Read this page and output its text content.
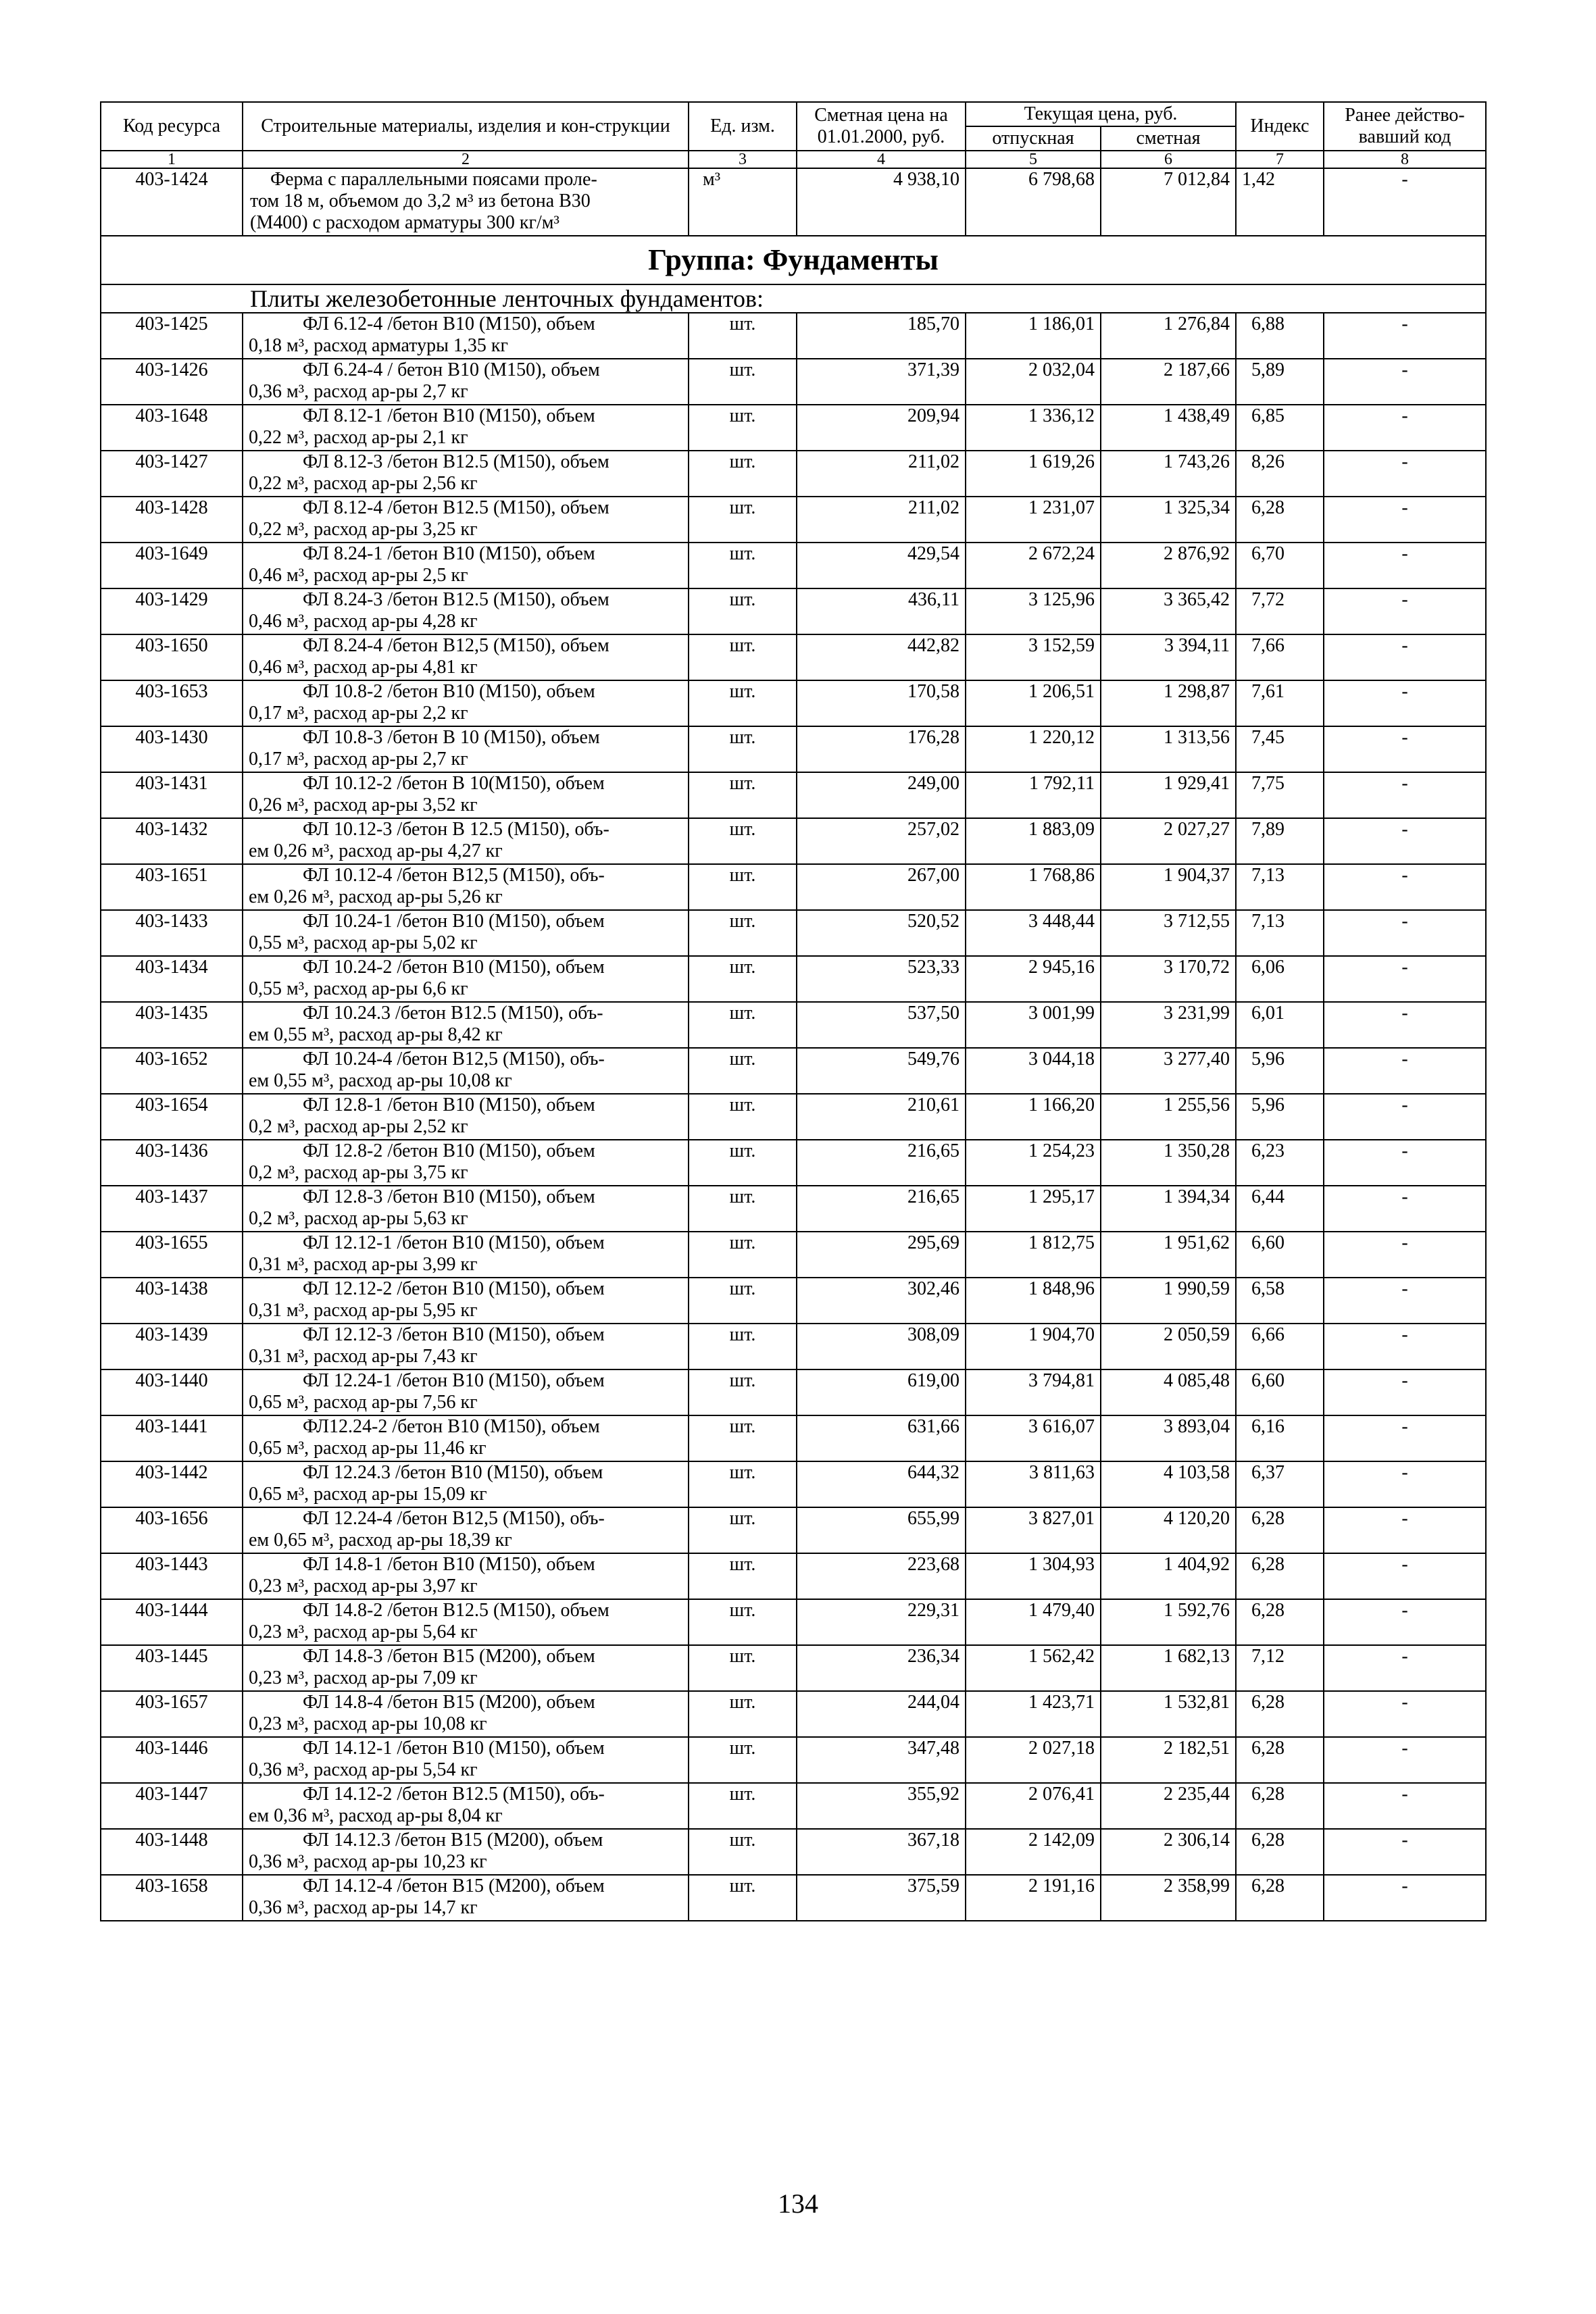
Код ресурса	Строительные материалы, изделия и кон-струкции	Ед. изм.	Сметная цена на 01.01.2000, руб.	Текущая цена, руб.		Индекс	Ранее действо-вавший код
				отпускная	сметная		
1	2	3	4	5	6	7	8
403-1424	Ферма с параллельными поясами проле-
том 18 м, объемом до 3,2 м³ из бетона В30
(М400) с расходом арматуры 300 кг/м³	м³	4 938,10	6 798,68	7 012,84	1,42	-
Группа: Фундаменты							
Плиты железобетонные ленточных фундаментов:							
403-1425	ФЛ 6.12-4 /бетон В10 (М150), объем
0,18 м³, расход арматуры 1,35 кг	шт.	185,70	1 186,01	1 276,84	6,88	-
403-1426	ФЛ 6.24-4 / бетон В10 (М150), объем
0,36 м³, расход ар-ры 2,7 кг	шт.	371,39	2 032,04	2 187,66	5,89	-
403-1648	ФЛ 8.12-1 /бетон В10 (М150), объем
0,22 м³, расход ар-ры 2,1 кг	шт.	209,94	1 336,12	1 438,49	6,85	-
403-1427	ФЛ 8.12-3 /бетон В12.5 (М150), объем
0,22 м³, расход ар-ры 2,56 кг	шт.	211,02	1 619,26	1 743,26	8,26	-
403-1428	ФЛ 8.12-4 /бетон В12.5 (М150), объем
0,22 м³, расход ар-ры 3,25 кг	шт.	211,02	1 231,07	1 325,34	6,28	-
403-1649	ФЛ 8.24-1 /бетон В10 (М150), объем
0,46 м³, расход ар-ры 2,5 кг	шт.	429,54	2 672,24	2 876,92	6,70	-
403-1429	ФЛ 8.24-3 /бетон В12.5 (М150), объем
0,46 м³, расход ар-ры 4,28 кг	шт.	436,11	3 125,96	3 365,42	7,72	-
403-1650	ФЛ 8.24-4 /бетон В12,5 (М150), объем
0,46 м³, расход ар-ры 4,81 кг	шт.	442,82	3 152,59	3 394,11	7,66	-
403-1653	ФЛ 10.8-2 /бетон В10 (М150), объем
0,17 м³, расход ар-ры 2,2 кг	шт.	170,58	1 206,51	1 298,87	7,61	-
403-1430	ФЛ 10.8-3 /бетон В 10 (М150), объем
0,17 м³, расход ар-ры 2,7 кг	шт.	176,28	1 220,12	1 313,56	7,45	-
403-1431	ФЛ 10.12-2 /бетон В 10(М150), объем
0,26 м³, расход ар-ры 3,52 кг	шт.	249,00	1 792,11	1 929,41	7,75	-
403-1432	ФЛ 10.12-3 /бетон В 12.5 (М150), объ-
ем 0,26 м³, расход ар-ры 4,27 кг	шт.	257,02	1 883,09	2 027,27	7,89	-
403-1651	ФЛ 10.12-4 /бетон В12,5 (М150), объ-
ем 0,26 м³, расход ар-ры 5,26 кг	шт.	267,00	1 768,86	1 904,37	7,13	-
403-1433	ФЛ 10.24-1 /бетон В10 (М150), объем
0,55 м³, расход ар-ры 5,02 кг	шт.	520,52	3 448,44	3 712,55	7,13	-
403-1434	ФЛ 10.24-2 /бетон В10 (М150), объем
0,55 м³, расход ар-ры 6,6 кг	шт.	523,33	2 945,16	3 170,72	6,06	-
403-1435	ФЛ 10.24.3 /бетон В12.5 (М150), объ-
ем 0,55 м³, расход ар-ры 8,42 кг	шт.	537,50	3 001,99	3 231,99	6,01	-
403-1652	ФЛ 10.24-4 /бетон В12,5 (М150), объ-
ем 0,55 м³, расход ар-ры 10,08 кг	шт.	549,76	3 044,18	3 277,40	5,96	-
403-1654	ФЛ 12.8-1 /бетон В10 (М150), объем
0,2 м³, расход ар-ры 2,52 кг	шт.	210,61	1 166,20	1 255,56	5,96	-
403-1436	ФЛ 12.8-2 /бетон В10 (М150), объем
0,2 м³, расход ар-ры 3,75 кг	шт.	216,65	1 254,23	1 350,28	6,23	-
403-1437	ФЛ 12.8-3 /бетон В10 (М150), объем
0,2 м³, расход ар-ры 5,63 кг	шт.	216,65	1 295,17	1 394,34	6,44	-
403-1655	ФЛ 12.12-1 /бетон В10 (М150), объем
0,31 м³, расход ар-ры 3,99 кг	шт.	295,69	1 812,75	1 951,62	6,60	-
403-1438	ФЛ 12.12-2 /бетон В10 (М150), объем
0,31 м³, расход ар-ры 5,95 кг	шт.	302,46	1 848,96	1 990,59	6,58	-
403-1439	ФЛ 12.12-3 /бетон В10 (М150), объем
0,31 м³, расход ар-ры 7,43 кг	шт.	308,09	1 904,70	2 050,59	6,66	-
403-1440	ФЛ 12.24-1 /бетон В10 (М150), объем
0,65 м³, расход ар-ры 7,56 кг	шт.	619,00	3 794,81	4 085,48	6,60	-
403-1441	ФЛ12.24-2 /бетон В10 (М150), объем
0,65 м³, расход ар-ры 11,46 кг	шт.	631,66	3 616,07	3 893,04	6,16	-
403-1442	ФЛ 12.24.3 /бетон В10 (М150), объем
0,65 м³, расход ар-ры 15,09 кг	шт.	644,32	3 811,63	4 103,58	6,37	-
403-1656	ФЛ 12.24-4 /бетон В12,5 (М150), объ-
ем 0,65 м³, расход ар-ры 18,39 кг	шт.	655,99	3 827,01	4 120,20	6,28	-
403-1443	ФЛ 14.8-1 /бетон В10 (М150), объем
0,23 м³, расход ар-ры 3,97 кг	шт.	223,68	1 304,93	1 404,92	6,28	-
403-1444	ФЛ 14.8-2 /бетон В12.5 (М150), объем
0,23 м³, расход ар-ры 5,64 кг	шт.	229,31	1 479,40	1 592,76	6,28	-
403-1445	ФЛ 14.8-3 /бетон В15 (М200), объем
0,23 м³, расход ар-ры 7,09 кг	шт.	236,34	1 562,42	1 682,13	7,12	-
403-1657	ФЛ 14.8-4 /бетон В15 (М200), объем
0,23 м³, расход ар-ры 10,08 кг	шт.	244,04	1 423,71	1 532,81	6,28	-
403-1446	ФЛ 14.12-1 /бетон В10 (М150), объем
0,36 м³, расход ар-ры 5,54 кг	шт.	347,48	2 027,18	2 182,51	6,28	-
403-1447	ФЛ 14.12-2 /бетон В12.5 (М150), объ-
ем 0,36 м³, расход ар-ры 8,04 кг	шт.	355,92	2 076,41	2 235,44	6,28	-
403-1448	ФЛ 14.12.3 /бетон В15 (М200), объем
0,36 м³, расход ар-ры 10,23 кг	шт.	367,18	2 142,09	2 306,14	6,28	-
403-1658	ФЛ 14.12-4 /бетон В15 (М200), объем
0,36 м³, расход ар-ры 14,7 кг	шт.	375,59	2 191,16	2 358,99	6,28	-
134
